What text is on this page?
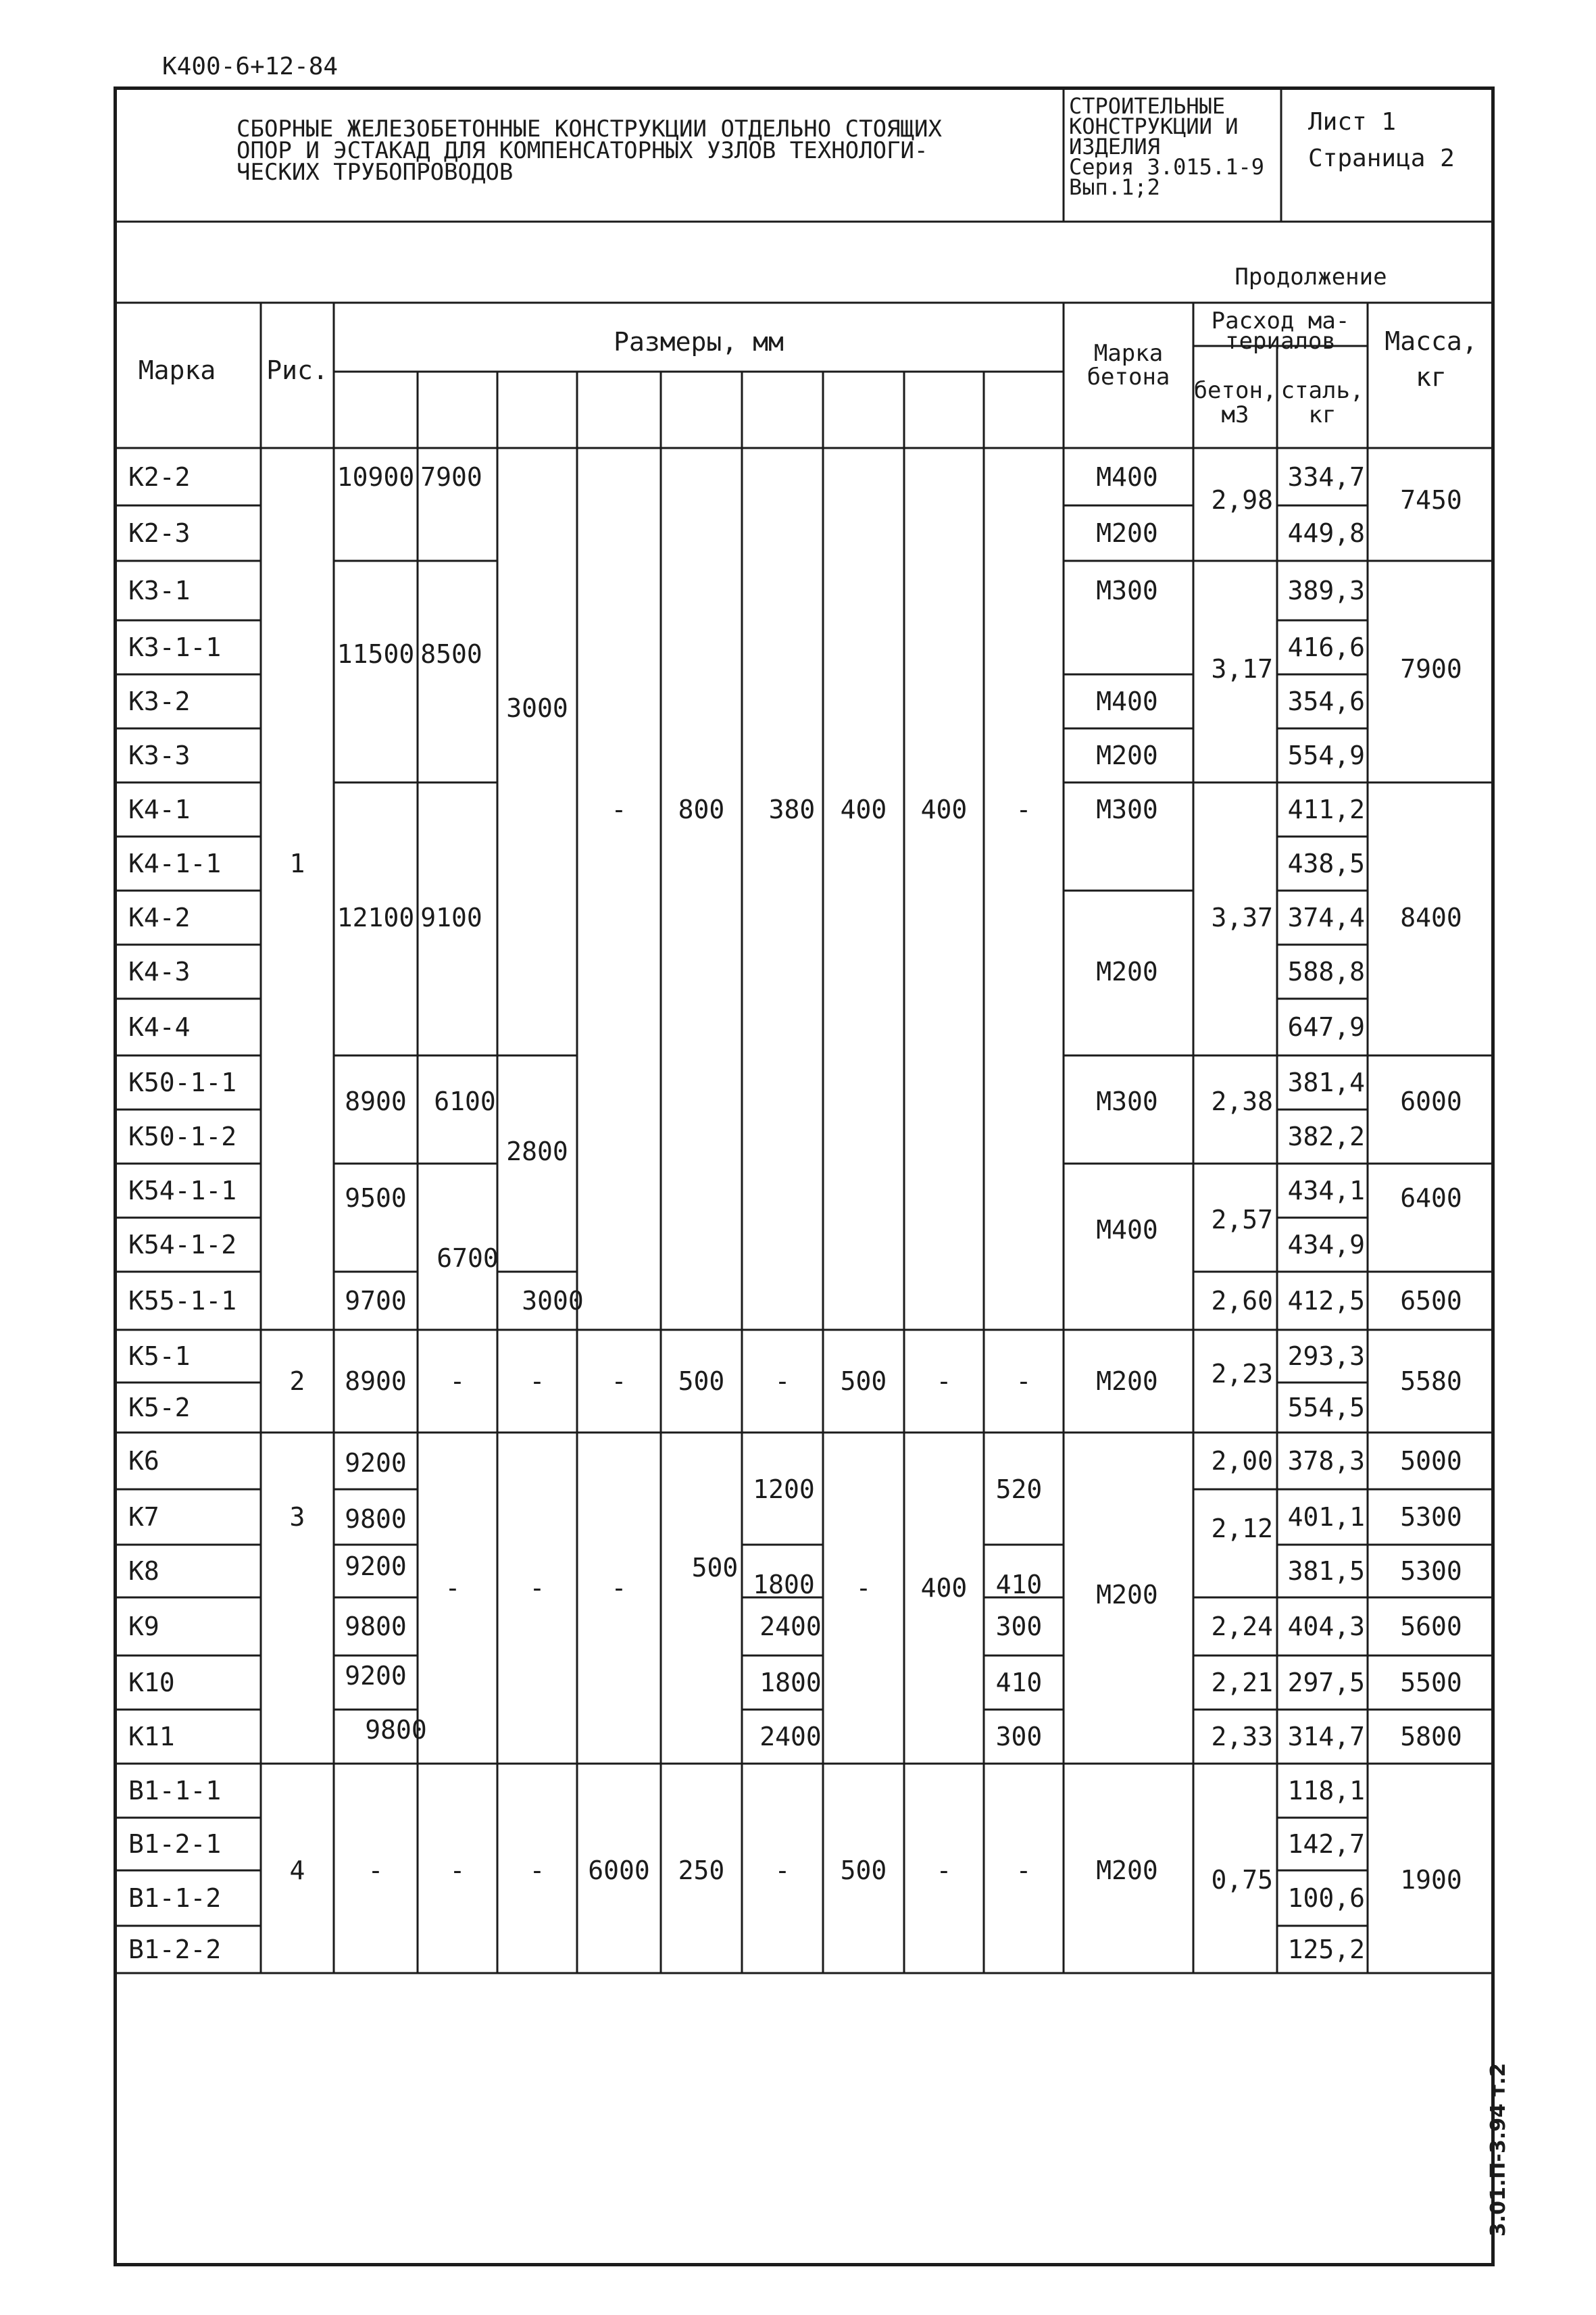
К400-6+12-84
СБОРНЫЕ ЖЕЛЕЗОБЕТОННЫЕ КОНСТРУКЦИИ ОТДЕЛЬНО СТОЯЩИХ
ОПОР И ЭСТАКАД ДЛЯ КОМПЕНСАТОРНЫХ УЗЛОВ ТЕХНОЛОГИ-
ЧЕСКИХ ТРУБОПРОВОДОВ
СТРОИТЕЛЬНЫЕ
КОНСТРУКЦИИ И
ИЗДЕЛИЯ
Серия 3.015.1-9
Вып.1;2
Лист 1
Страница 2
Продолжение
Марка Рис.
Размеры, мм	Марка
бетона
Расход ма-
териалов
бетон,
м3
сталь,
кг
Масса,
кг
К2-2
К2-3
К3-1
К3-1-1
К3-2
К3-3
К4-1
К4-1-1
К4-2
К4-3
К4-4
К50-1-1
К50-1-2
К54-1-1
К54-1-2
К55-1-1
К5-1
К5-2
К6
К7
К8
К9
К10
К11
В1-1-1
В1-2-1
В1-1-2
В1-2-2
1
2
3
4
10900
11500
12100
8900
9500
9700
8900
9200
9800
9200
9800
9200
9800
-
7900
8500
9100
6100
6700
-
-
-
3000
2800
3000
-
-
-
-
-
-
6000
800
500
500
250
380
-
1200
1800
2400
1800
2400
-
400
500
-
500
400
-
400
-
-
-
520
410
300
410
300
-
М400
М200
М300
М400
М200
М300
М200
М300
М400
М200
М200
М200
2,98
3,17
3,37
2,38
2,57
2,60
2,23
2,00
2,12
2,24
2,21
2,33
0,75
334,7
449,8
389,3
416,6
354,6
554,9
411,2
438,5
374,4
588,8
647,9
381,4
382,2
434,1
434,9
412,5
293,3
554,5
378,3
401,1
381,5
404,3
297,5
314,7
118,1
142,7
100,6
125,2
7450
7900
8400
6000
6400
6500
5580
5000
5300
5300
5600
5500
5800
1900
3.01.П-3.94 т.2
